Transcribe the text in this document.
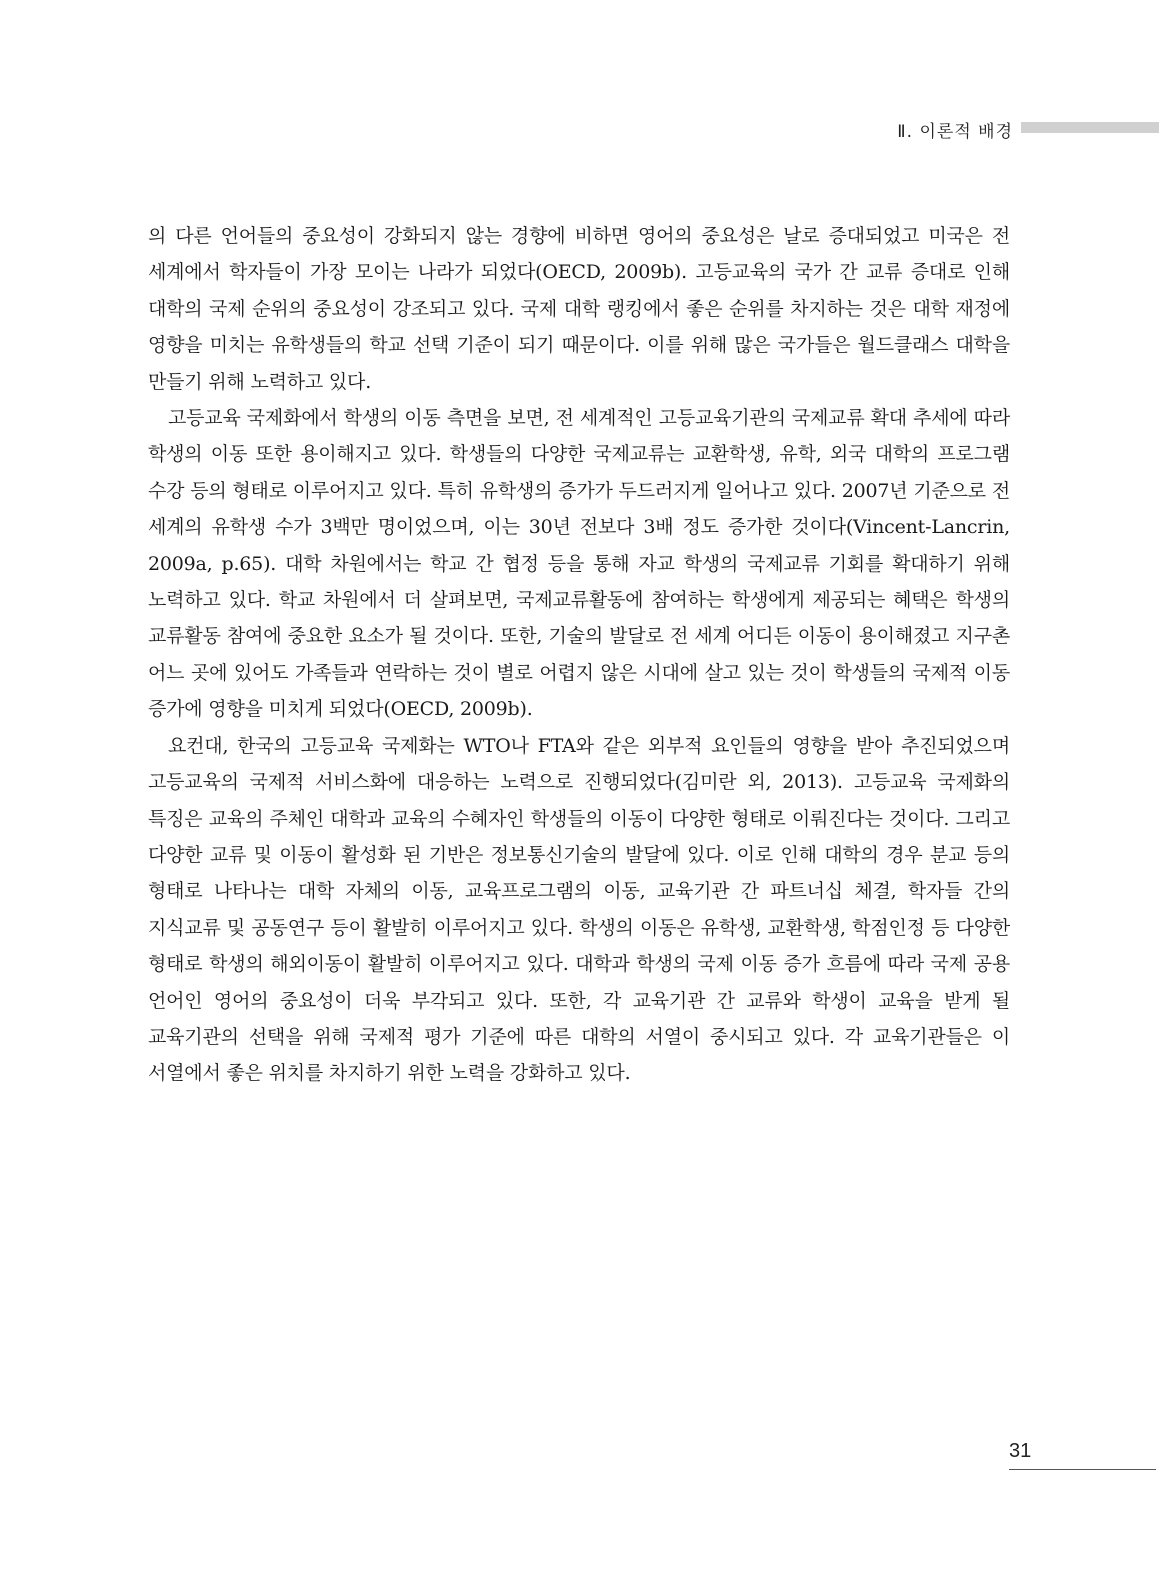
Ⅱ. 이론적 배경

의 다른 언어들의 중요성이 강화되지 않는 경향에 비하면 영어의 중요성은 날로 증대되었고 미국은 전 세계에서 학자들이 가장 모이는 나라가 되었다(OECD, 2009b). 고등교육의 국가 간 교류 증대로 인해 대학의 국제 순위의 중요성이 강조되고 있다. 국제 대학 랭킹에서 좋은 순위를 차지하는 것은 대학 재정에 영향을 미치는 유학생들의 학교 선택 기준이 되기 때문이다. 이를 위해 많은 국가들은 월드클래스 대학을 만들기 위해 노력하고 있다.

고등교육 국제화에서 학생의 이동 측면을 보면, 전 세계적인 고등교육기관의 국제교류 확대 추세에 따라 학생의 이동 또한 용이해지고 있다. 학생들의 다양한 국제교류는 교환학생, 유학, 외국 대학의 프로그램 수강 등의 형태로 이루어지고 있다. 특히 유학생의 증가가 두드러지게 일어나고 있다. 2007년 기준으로 전 세계의 유학생 수가 3백만 명이었으며, 이는 30년 전보다 3배 정도 증가한 것이다(Vincent-Lancrin, 2009a, p.65). 대학 차원에서는 학교 간 협정 등을 통해 자교 학생의 국제교류 기회를 확대하기 위해 노력하고 있다. 학교 차원에서 더 살펴보면, 국제교류활동에 참여하는 학생에게 제공되는 혜택은 학생의 교류활동 참여에 중요한 요소가 될 것이다. 또한, 기술의 발달로 전 세계 어디든 이동이 용이해졌고 지구촌 어느 곳에 있어도 가족들과 연락하는 것이 별로 어렵지 않은 시대에 살고 있는 것이 학생들의 국제적 이동 증가에 영향을 미치게 되었다(OECD, 2009b).

요컨대, 한국의 고등교육 국제화는 WTO나 FTA와 같은 외부적 요인들의 영향을 받아 추진되었으며 고등교육의 국제적 서비스화에 대응하는 노력으로 진행되었다(김미란 외, 2013). 고등교육 국제화의 특징은 교육의 주체인 대학과 교육의 수혜자인 학생들의 이동이 다양한 형태로 이뤄진다는 것이다. 그리고 다양한 교류 및 이동이 활성화 된 기반은 정보통신기술의 발달에 있다. 이로 인해 대학의 경우 분교 등의 형태로 나타나는 대학 자체의 이동, 교육프로그램의 이동, 교육기관 간 파트너십 체결, 학자들 간의 지식교류 및 공동연구 등이 활발히 이루어지고 있다. 학생의 이동은 유학생, 교환학생, 학점인정 등 다양한 형태로 학생의 해외이동이 활발히 이루어지고 있다. 대학과 학생의 국제 이동 증가 흐름에 따라 국제 공용 언어인 영어의 중요성이 더욱 부각되고 있다. 또한, 각 교육기관 간 교류와 학생이 교육을 받게 될 교육기관의 선택을 위해 국제적 평가 기준에 따른 대학의 서열이 중시되고 있다. 각 교육기관들은 이 서열에서 좋은 위치를 차지하기 위한 노력을 강화하고 있다.

31
